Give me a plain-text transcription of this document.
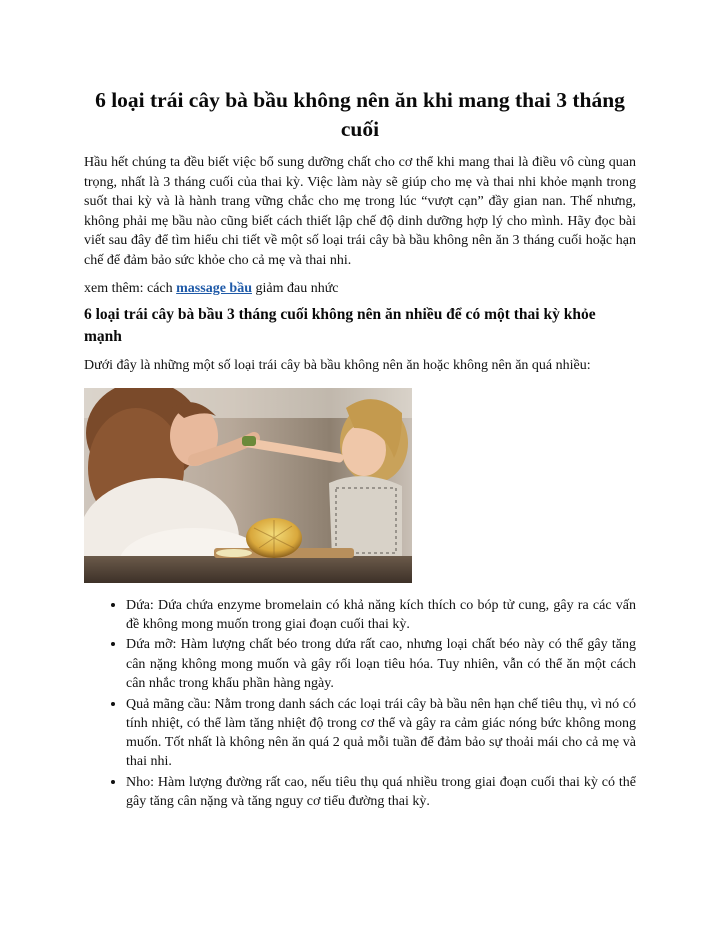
6 loại trái cây bà bầu không nên ăn khi mang thai 3 tháng cuối

Hầu hết chúng ta đều biết việc bổ sung dưỡng chất cho cơ thể khi mang thai là điều vô cùng quan trọng, nhất là 3 tháng cuối của thai kỳ. Việc làm này sẽ giúp cho mẹ và thai nhi khỏe mạnh trong suốt thai kỳ và là hành trang vững chắc cho mẹ trong lúc “vượt cạn” đầy gian nan. Thế nhưng, không phải mẹ bầu nào cũng biết cách thiết lập chế độ dinh dưỡng hợp lý cho mình. Hãy đọc bài viết sau đây để tìm hiểu chi tiết về một số loại trái cây bà bầu không nên ăn 3 tháng cuối hoặc hạn chế để đảm bảo sức khỏe cho cả mẹ và thai nhi.

xem thêm: cách massage bầu giảm đau nhức

6 loại trái cây bà bầu 3 tháng cuối không nên ăn nhiều để có một thai kỳ khỏe mạnh

Dưới đây là những một số loại trái cây bà bầu không nên ăn hoặc không nên ăn quá nhiều:

• Dứa: Dứa chứa enzyme bromelain có khả năng kích thích co bóp tử cung, gây ra các vấn đề không mong muốn trong giai đoạn cuối thai kỳ.
• Dứa mỡ: Hàm lượng chất béo trong dứa rất cao, nhưng loại chất béo này có thể gây tăng cân nặng không mong muốn và gây rối loạn tiêu hóa. Tuy nhiên, vẫn có thể ăn một cách cân nhắc trong khẩu phần hàng ngày.
• Quả mãng cầu: Nằm trong danh sách các loại trái cây bà bầu nên hạn chế tiêu thụ, vì nó có tính nhiệt, có thể làm tăng nhiệt độ trong cơ thể và gây ra cảm giác nóng bức không mong muốn. Tốt nhất là không nên ăn quá 2 quả mỗi tuần để đảm bảo sự thoải mái cho cả mẹ và thai nhi.
• Nho: Hàm lượng đường rất cao, nếu tiêu thụ quá nhiều trong giai đoạn cuối thai kỳ có thể gây tăng cân nặng và tăng nguy cơ tiểu đường thai kỳ.
